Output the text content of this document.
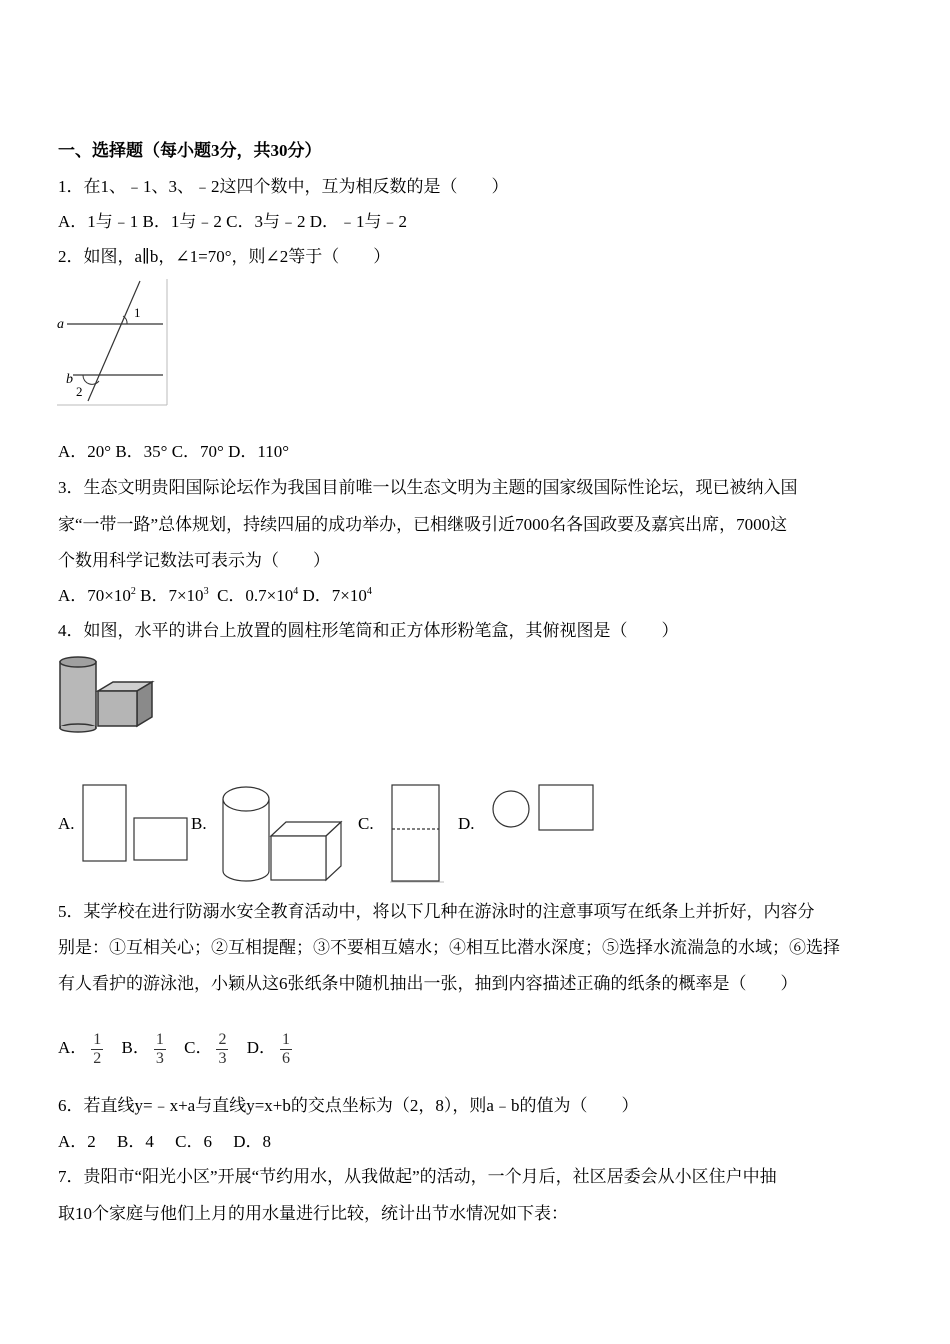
一、选择题（每小题3分，共30分）
1．在1、﹣1、3、﹣2这四个数中，互为相反数的是（　　）
A．1与﹣1 B．1与﹣2 C．3与﹣2 D．﹣1与﹣2
2．如图，a∥b，∠1=70°，则∠2等于（　　）
a
b
1
2
A．20° B．35° C．70° D．110°
3．生态文明贵阳国际论坛作为我国目前唯一以生态文明为主题的国家级国际性论坛，现已被纳入国
家“一带一路”总体规划，持续四届的成功举办，已相继吸引近7000名各国政要及嘉宾出席，7000这
个数用科学记数法可表示为（　　）
A．$70\times 10^2$ B．$7\times 10^3$  C．$0.7\times 10^4$ D．$7\times 10^4$
4．如图，水平的讲台上放置的圆柱形笔筒和正方体形粉笔盒，其俯视图是（　　）
A.	B.	C.	D.
5．某学校在进行防溺水安全教育活动中，将以下几种在游泳时的注意事项写在纸条上并折好，内容分
别是：①互相关心；②互相提醒；③不要相互嬉水；④相互比潜水深度；⑤选择水流湍急的水域；⑥选择
有人看护的游泳池，小颖从这6张纸条中随机抽出一张，抽到内容描述正确的纸条的概率是（　　）
A． $\frac{1}{2}$ B． $\frac{1}{3}$ C． $\frac{2}{3}$ D． $\frac{1}{6}$
6．若直线y=﹣x+a与直线y=x+b的交点坐标为（2，8），则a﹣b的值为（　　）
A．2　 B．4　 C．6　 D．8
7．贵阳市“阳光小区”开展“节约用水，从我做起”的活动，一个月后，社区居委会从小区住户中抽
取10个家庭与他们上月的用水量进行比较，统计出节水情况如下表：
